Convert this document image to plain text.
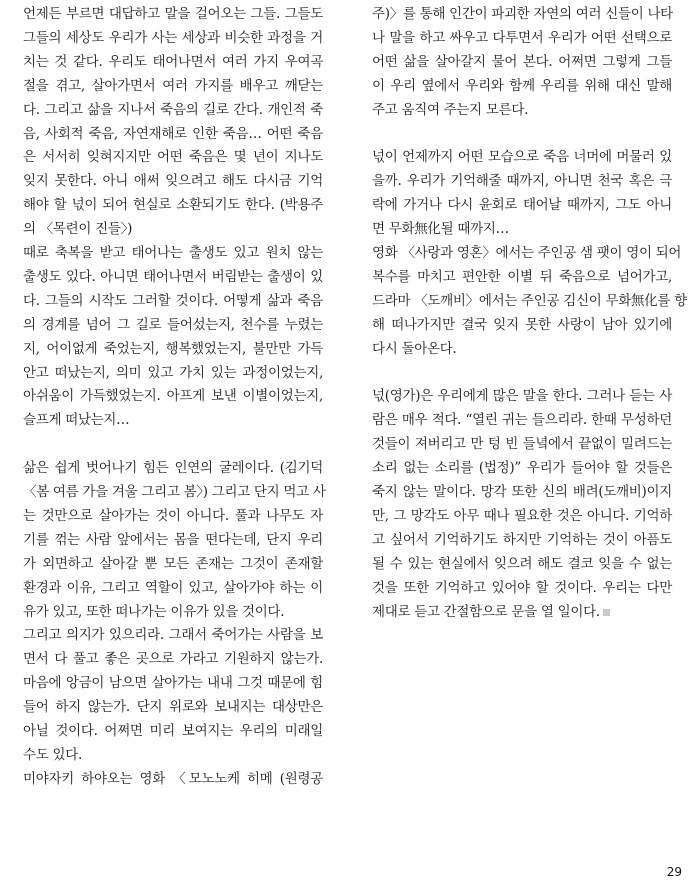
언제든 부르면 대답하고 말을 걸어오는 그들. 그들도
그들의 세상도 우리가 사는 세상과 비슷한 과정을 거
치는 것 같다. 우리도 태어나면서 여러 가지 우여곡
절을 겪고, 살아가면서 여러 가지를 배우고 깨닫는
다. 그리고 삶을 지나서 죽음의 길로 간다. 개인적 죽
음, 사회적 죽음, 자연재해로 인한 죽음… 어떤 죽음
은 서서히 잊혀지지만 어떤 죽음은 몇 년이 지나도
잊지 못한다. 아니 애써 잊으려고 해도 다시금 기억
해야 할 넋이 되어 현실로 소환되기도 한다. (박용주
의 〈목련이 진들〉)
때로 축복을 받고 태어나는 출생도 있고 원치 않는
출생도 있다. 아니면 태어나면서 버림받는 출생이 있
다. 그들의 시작도 그러할 것이다. 어떻게 삶과 죽음
의 경계를 넘어 그 길로 들어섰는지, 천수를 누렸는
지, 어이없게 죽었는지, 행복했었는지, 불만만 가득
안고 떠났는지, 의미 있고 가치 있는 과정이었는지,
아쉬움이 가득했었는지. 아프게 보낸 이별이었는지,
슬프게 떠났는지…
삶은 쉽게 벗어나기 힘든 인연의 굴레이다. (김기덕
〈봄 여름 가을 겨울 그리고 봄〉) 그리고 단지 먹고 사
는 것만으로 살아가는 것이 아니다. 풀과 나무도 자
기를 꺾는 사람 앞에서는 몸을 떤다는데, 단지 우리
가 외면하고 살아갈 뿐 모든 존재는 그것이 존재할
환경과 이유, 그리고 역할이 있고, 살아가야 하는 이
유가 있고, 또한 떠나가는 이유가 있을 것이다.
그리고 의지가 있으리라. 그래서 죽어가는 사람을 보
면서 다 풀고 좋은 곳으로 가라고 기원하지 않는가.
마음에 앙금이 남으면 살아가는 내내 그것 때문에 힘
들어 하지 않는가. 단지 위로와 보내지는 대상만은
아닐 것이다. 어쩌면 미리 보여지는 우리의 미래일
수도 있다.
미야자키 하야오는 영화 〈모노노케 히메 (원령공
주)〉를 통해 인간이 파괴한 자연의 여러 신들이 나타
나 말을 하고 싸우고 다투면서 우리가 어떤 선택으로
어떤 삶을 살아갈지 물어 본다. 어쩌면 그렇게 그들
이 우리 옆에서 우리와 함께 우리를 위해 대신 말해
주고 움직여 주는지 모른다.
넋이 언제까지 어떤 모습으로 죽음 너머에 머물러 있
을까. 우리가 기억해줄 때까지, 아니면 천국 혹은 극
락에 가거나 다시 윤회로 태어날 때까지, 그도 아니
면 무화無化될 때까지…
영화 〈사랑과 영혼〉에서는 주인공 샘 팻이 영이 되어
복수를 마치고 편안한 이별 뒤 죽음으로 넘어가고,
드라마 〈도깨비〉에서는 주인공 김신이 무화無化를 향
해 떠나가지만 결국 잊지 못한 사랑이 남아 있기에
다시 돌아온다.
넋(영가)은 우리에게 많은 말을 한다. 그러나 듣는 사
람은 매우 적다. “열린 귀는 들으리라. 한때 무성하던
것들이 져버리고 만 텅 빈 들녘에서 끝없이 밀려드는
소리 없는 소리를 (법정)” 우리가 들어야 할 것들은
죽지 않는 말이다. 망각 또한 신의 배려(도깨비)이지
만, 그 망각도 아무 때나 필요한 것은 아니다. 기억하
고 싶어서 기억하기도 하지만 기억하는 것이 아픔도
될 수 있는 현실에서 잊으려 해도 결코 잊을 수 없는
것을 또한 기억하고 있어야 할 것이다. 우리는 다만
제대로 듣고 간절함으로 문을 열 일이다.
29
